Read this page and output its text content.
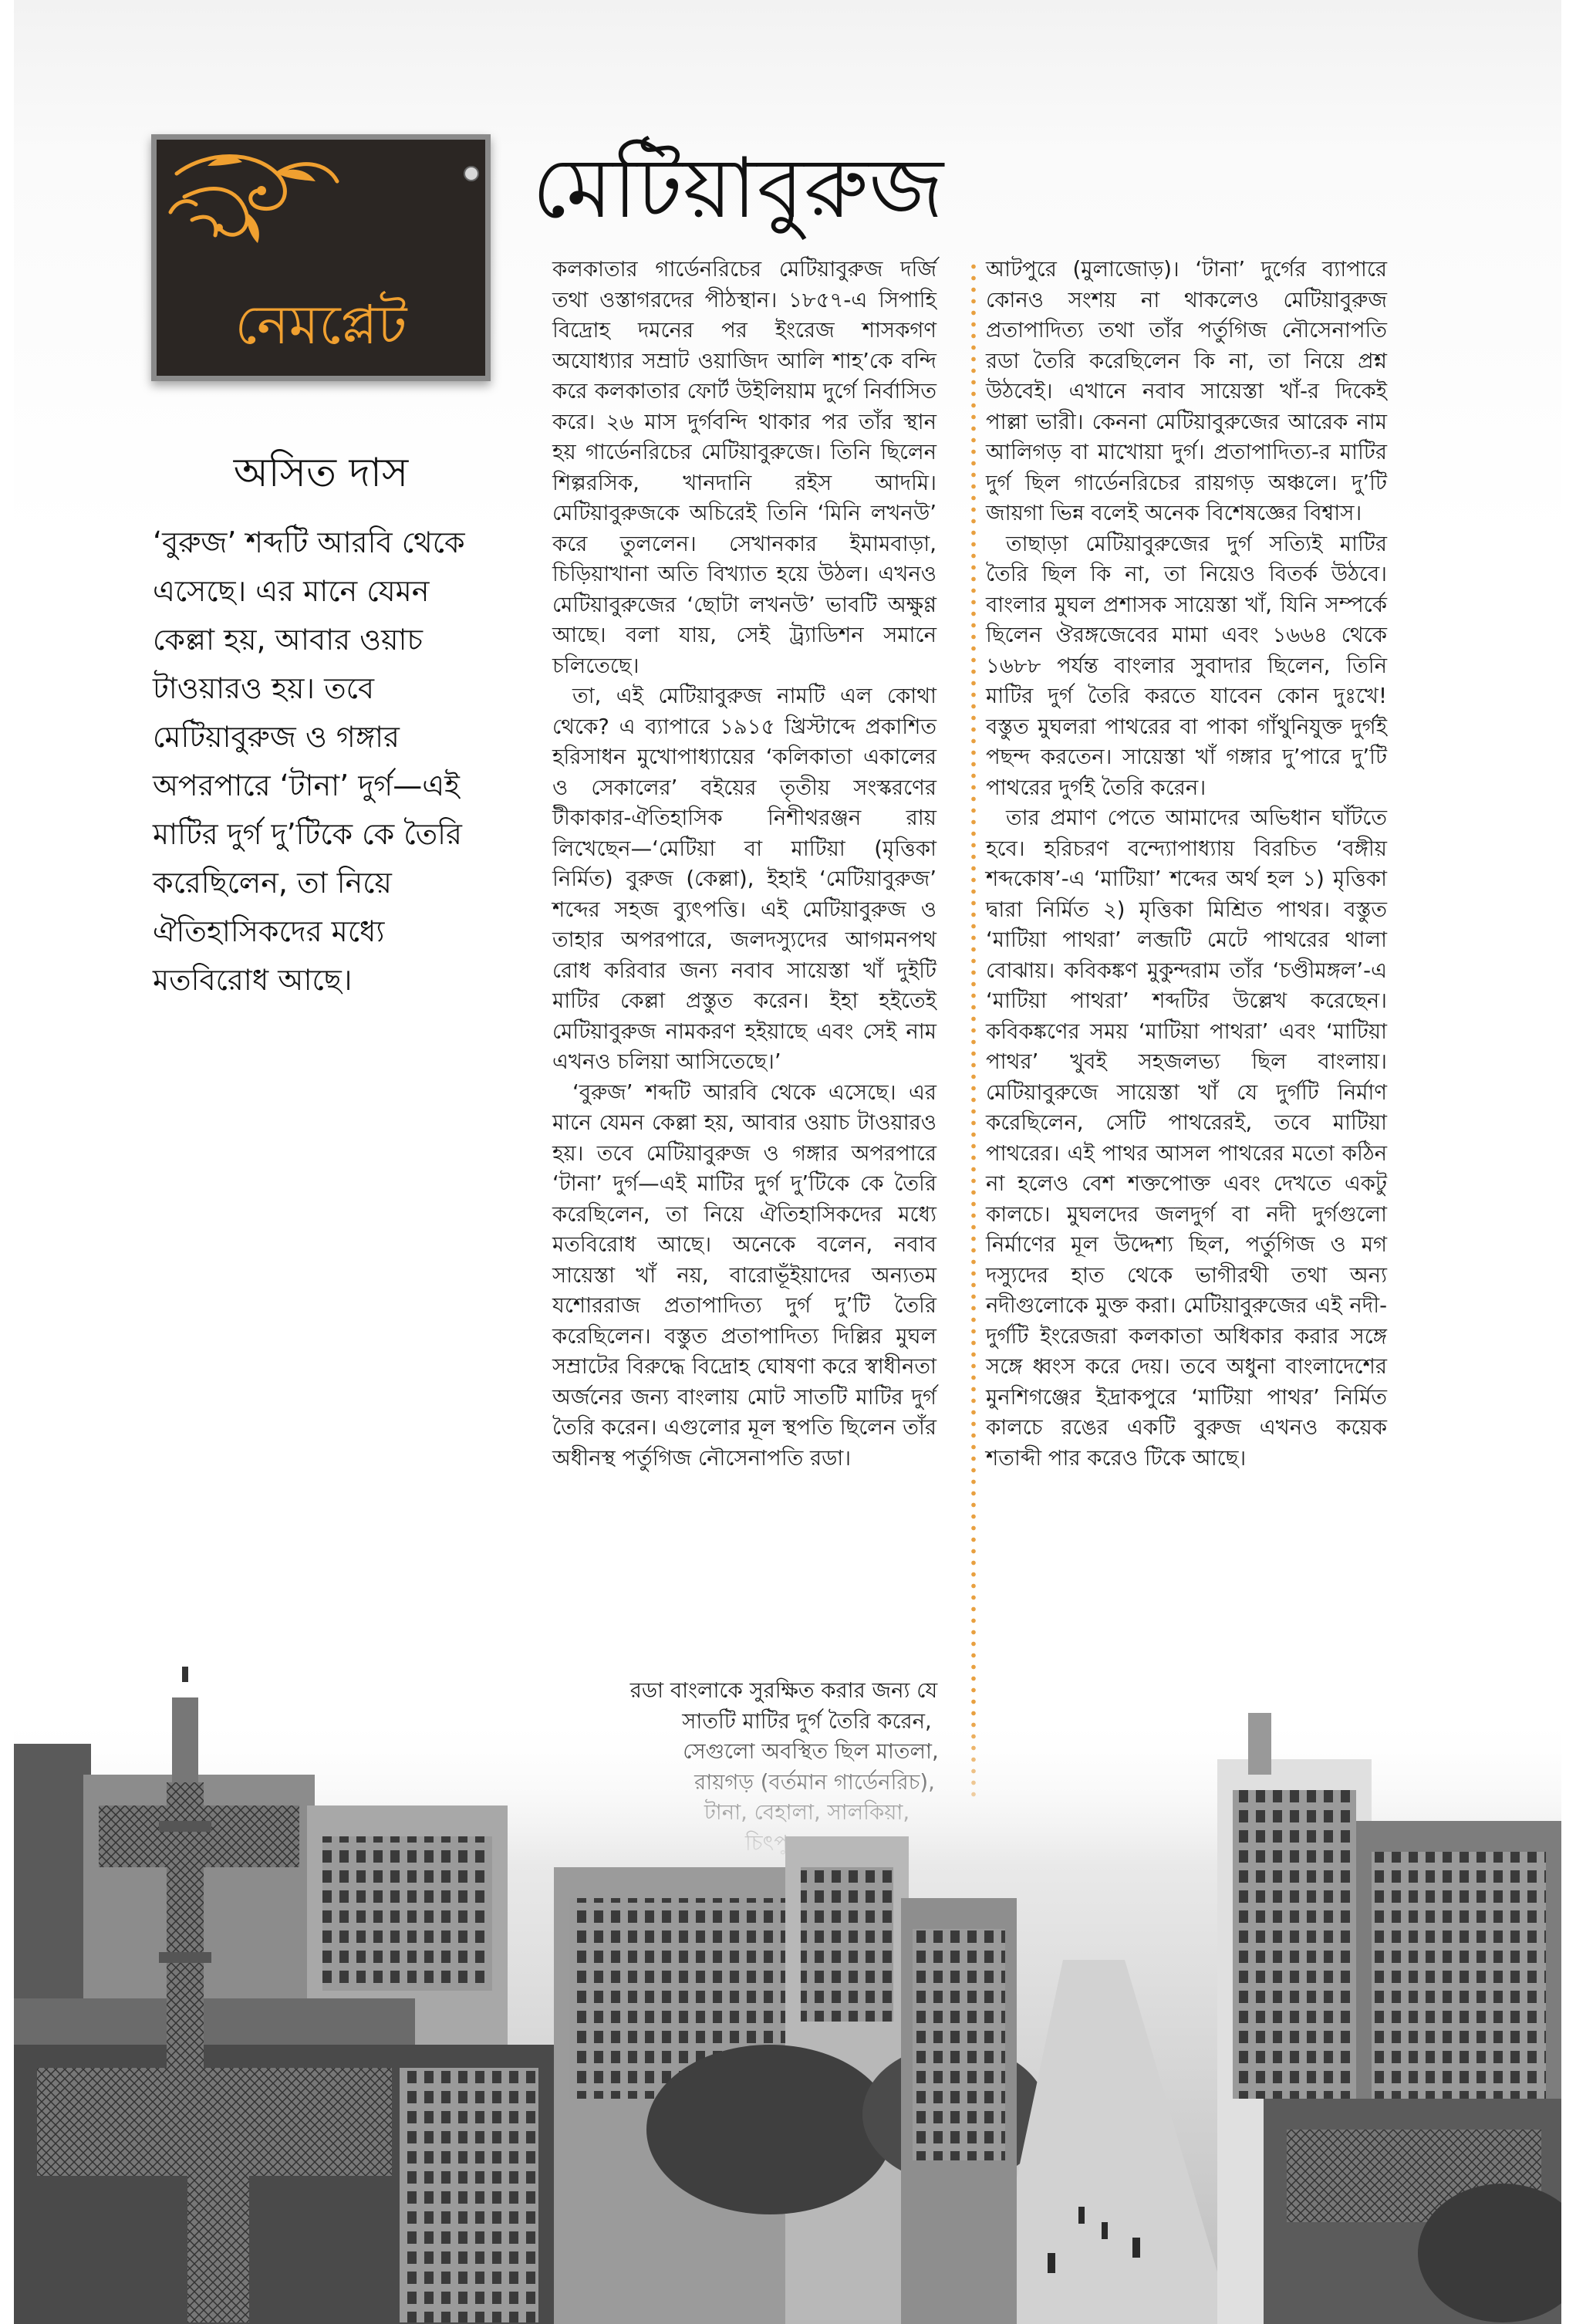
নেমপ্লেট
মেটিয়াবুরুজ
অসিত দাস

‘বুরুজ’ শব্দটি আরবি থেকে এসেছে। এর মানে যেমন কেল্লা হয়, আবার ওয়াচ টাওয়ারও হয়। তবে মেটিয়াবুরুজ ও গঙ্গার অপরপারে ‘টানা’ দুর্গ—এই মাটির দুর্গ দু’টিকে কে তৈরি করেছিলেন, তা নিয়ে ঐতিহাসিকদের মধ্যে মতবিরোধ আছে।

কলকাতার গার্ডেনরিচের মেটিয়াবুরুজ দর্জি তথা ওস্তাগরদের পীঠস্থান। ১৮৫৭-এ সিপাহি বিদ্রোহ দমনের পর ইংরেজ শাসকগণ অযোধ্যার সম্রাট ওয়াজিদ আলি শাহ’কে বন্দি করে কলকাতার ফোর্ট উইলিয়াম দুর্গে নির্বাসিত করে। ২৬ মাস দুর্গবন্দি থাকার পর তাঁর স্থান হয় গার্ডেনরিচের মেটিয়াবুরুজে। তিনি ছিলেন শিল্পরসিক, খানদানি রইস আদমি। মেটিয়াবুরুজকে অচিরেই তিনি ‘মিনি লখনউ’ করে তুললেন। সেখানকার ইমামবাড়া, চিড়িয়াখানা অতি বিখ্যাত হয়ে উঠল। এখনও মেটিয়াবুরুজের ‘ছোটা লখনউ’ ভাবটি অক্ষুণ্ণ আছে। বলা যায়, সেই ট্র্যাডিশন সমানে চলিতেছে।

তা, এই মেটিয়াবুরুজ নামটি এল কোথা থেকে? এ ব্যাপারে ১৯১৫ খ্রিস্টাব্দে প্রকাশিত হরিসাধন মুখোপাধ্যায়ের ‘কলিকাতা একালের ও সেকালের’ বইয়ের তৃতীয় সংস্করণের টীকাকার-ঐতিহাসিক নিশীথরঞ্জন রায় লিখেছেন—‘মেটিয়া বা মাটিয়া (মৃত্তিকা নির্মিত) বুরুজ (কেল্লা), ইহাই ‘মেটিয়াবুরুজ’ শব্দের সহজ ব্যুৎপত্তি। এই মেটিয়াবুরুজ ও তাহার অপরপারে, জলদস্যুদের আগমনপথ রোধ করিবার জন্য নবাব সায়েস্তা খাঁ দুইটি মাটির কেল্লা প্রস্তুত করেন। ইহা হইতেই মেটিয়াবুরুজ নামকরণ হইয়াছে এবং সেই নাম এখনও চলিয়া আসিতেছে।’

‘বুরুজ’ শব্দটি আরবি থেকে এসেছে। এর মানে যেমন কেল্লা হয়, আবার ওয়াচ টাওয়ারও হয়। তবে মেটিয়াবুরুজ ও গঙ্গার অপরপারে ‘টানা’ দুর্গ—এই মাটির দুর্গ দু’টিকে কে তৈরি করেছিলেন, তা নিয়ে ঐতিহাসিকদের মধ্যে মতবিরোধ আছে। অনেকে বলেন, নবাব সায়েস্তা খাঁ নয়, বারোভূঁইয়াদের অন্যতম যশোররাজ প্রতাপাদিত্য দুর্গ দু’টি তৈরি করেছিলেন। বস্তুত প্রতাপাদিত্য দিল্লির মুঘল সম্রাটের বিরুদ্ধে বিদ্রোহ ঘোষণা করে স্বাধীনতা অর্জনের জন্য বাংলায় মোট সাতটি মাটির দুর্গ তৈরি করেন। এগুলোর মূল স্থপতি ছিলেন তাঁর অধীনস্থ পর্তুগিজ নৌসেনাপতি রডা।

রডা বাংলাকে সুরক্ষিত করার জন্য যে

আটপুরে (মুলাজোড়)। ‘টানা’ দুর্গের ব্যাপারে কোনও সংশয় না থাকলেও মেটিয়াবুরুজ প্রতাপাদিত্য তথা তাঁর পর্তুগিজ নৌসেনাপতি রডা তৈরি করেছিলেন কি না, তা নিয়ে প্রশ্ন উঠবেই। এখানে নবাব সায়েস্তা খাঁ-র দিকেই পাল্লা ভারী। কেননা মেটিয়াবুরুজের আরেক নাম আলিগড় বা মাখোয়া দুর্গ। প্রতাপাদিত্য-র মাটির দুর্গ ছিল গার্ডেনরিচের রায়গড় অঞ্চলে। দু’টি জায়গা ভিন্ন বলেই অনেক বিশেষজ্ঞের বিশ্বাস।

তাছাড়া মেটিয়াবুরুজের দুর্গ সত্যিই মাটির তৈরি ছিল কি না, তা নিয়েও বিতর্ক উঠবে। বাংলার মুঘল প্রশাসক সায়েস্তা খাঁ, যিনি সম্পর্কে ছিলেন ঔরঙ্গজেবের মামা এবং ১৬৬৪ থেকে ১৬৮৮ পর্যন্ত বাংলার সুবাদার ছিলেন, তিনি মাটির দুর্গ তৈরি করতে যাবেন কোন দুঃখে! বস্তুত মুঘলরা পাথরের বা পাকা গাঁথুনিযুক্ত দুর্গই পছন্দ করতেন। সায়েস্তা খাঁ গঙ্গার দু’পারে দু’টি পাথরের দুর্গই তৈরি করেন।

তার প্রমাণ পেতে আমাদের অভিধান ঘাঁটতে হবে। হরিচরণ বন্দ্যোপাধ্যায় বিরচিত ‘বঙ্গীয় শব্দকোষ’-এ ‘মাটিয়া’ শব্দের অর্থ হল ১) মৃত্তিকা দ্বারা নির্মিত ২) মৃত্তিকা মিশ্রিত পাথর। বস্তুত ‘মাটিয়া পাথরা’ লব্জটি মেটে পাথরের থালা বোঝায়। কবিকঙ্কণ মুকুন্দরাম তাঁর ‘চণ্ডীমঙ্গল’-এ ‘মাটিয়া পাথরা’ শব্দটির উল্লেখ করেছেন। কবিকঙ্কণের সময় ‘মাটিয়া পাথরা’ এবং ‘মাটিয়া পাথর’ খুবই সহজলভ্য ছিল বাংলায়। মেটিয়াবুরুজে সায়েস্তা খাঁ যে দুর্গটি নির্মাণ করেছিলেন, সেটি পাথরেরই, তবে মাটিয়া পাথরের। এই পাথর আসল পাথরের মতো কঠিন না হলেও বেশ শক্তপোক্ত এবং দেখতে একটু কালচে। মুঘলদের জলদুর্গ বা নদী দুর্গগুলো নির্মাণের মূল উদ্দেশ্য ছিল, পর্তুগিজ ও মগ দস্যুদের হাত থেকে ভাগীরথী তথা অন্য নদীগুলোকে মুক্ত করা। মেটিয়াবুরুজের এই নদী-দুর্গটি ইংরেজরা কলকাতা অধিকার করার সঙ্গে সঙ্গে ধ্বংস করে দেয়। তবে অধুনা বাংলাদেশের মুনশিগঞ্জের ইদ্রাকপুরে ‘মাটিয়া পাথর’ নির্মিত কালচে রঙের একটি বুরুজ এখনও কয়েক শতাব্দী পার করেও টিকে আছে।
